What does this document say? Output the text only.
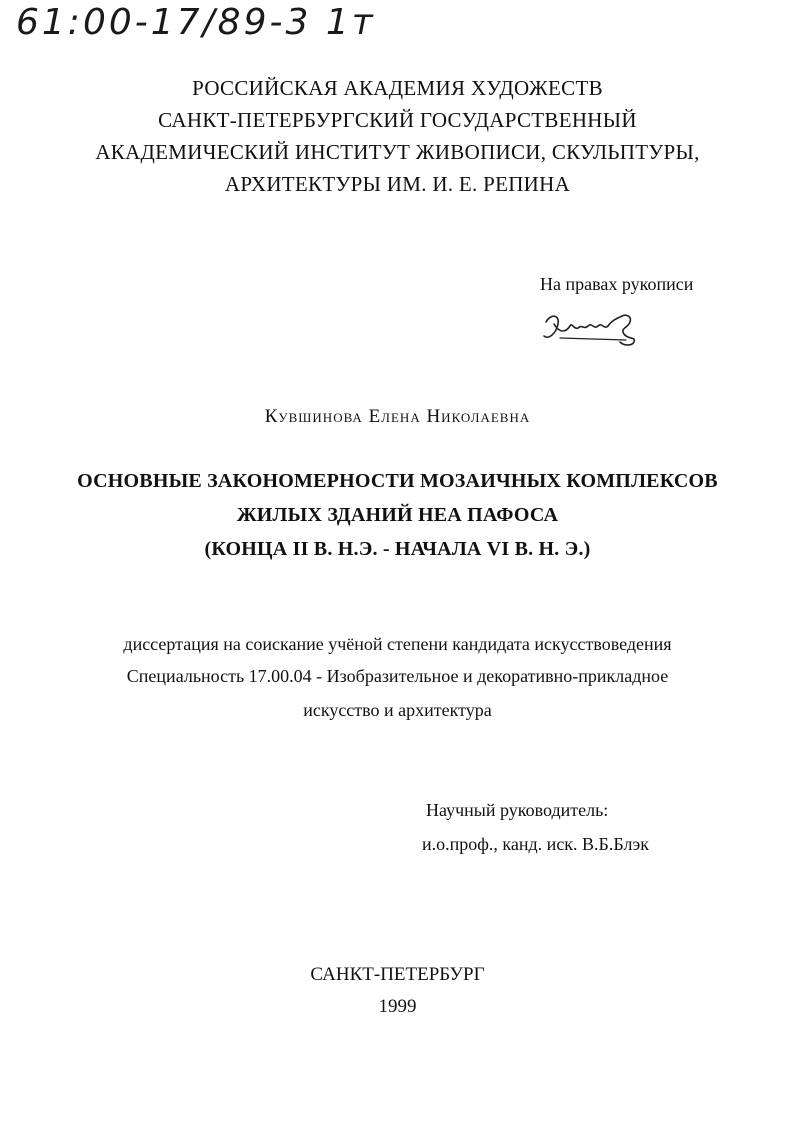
61:00-17/89-3 1т
РОССИЙСКАЯ АКАДЕМИЯ ХУДОЖЕСТВ
САНКТ-ПЕТЕРБУРГСКИЙ ГОСУДАРСТВЕННЫЙ
АКАДЕМИЧЕСКИЙ ИНСТИТУТ ЖИВОПИСИ, СКУЛЬПТУРЫ,
АРХИТЕКТУРЫ ИМ. И. Е. РЕПИНА
На правах рукописи
Кувшинова Елена Николаевна
ОСНОВНЫЕ ЗАКОНОМЕРНОСТИ МОЗАИЧНЫХ КОМПЛЕКСОВ
ЖИЛЫХ ЗДАНИЙ НЕА ПАФОСА
(КОНЦА II В. Н.Э. - НАЧАЛА VI В. Н. Э.)
диссертация на соискание учёной степени кандидата искусствоведения
Специальность 17.00.04 - Изобразительное и декоративно-прикладное
искусство и архитектура
Научный руководитель:
и.о.проф., канд. иск. В.Б.Блэк
САНКТ-ПЕТЕРБУРГ
1999
